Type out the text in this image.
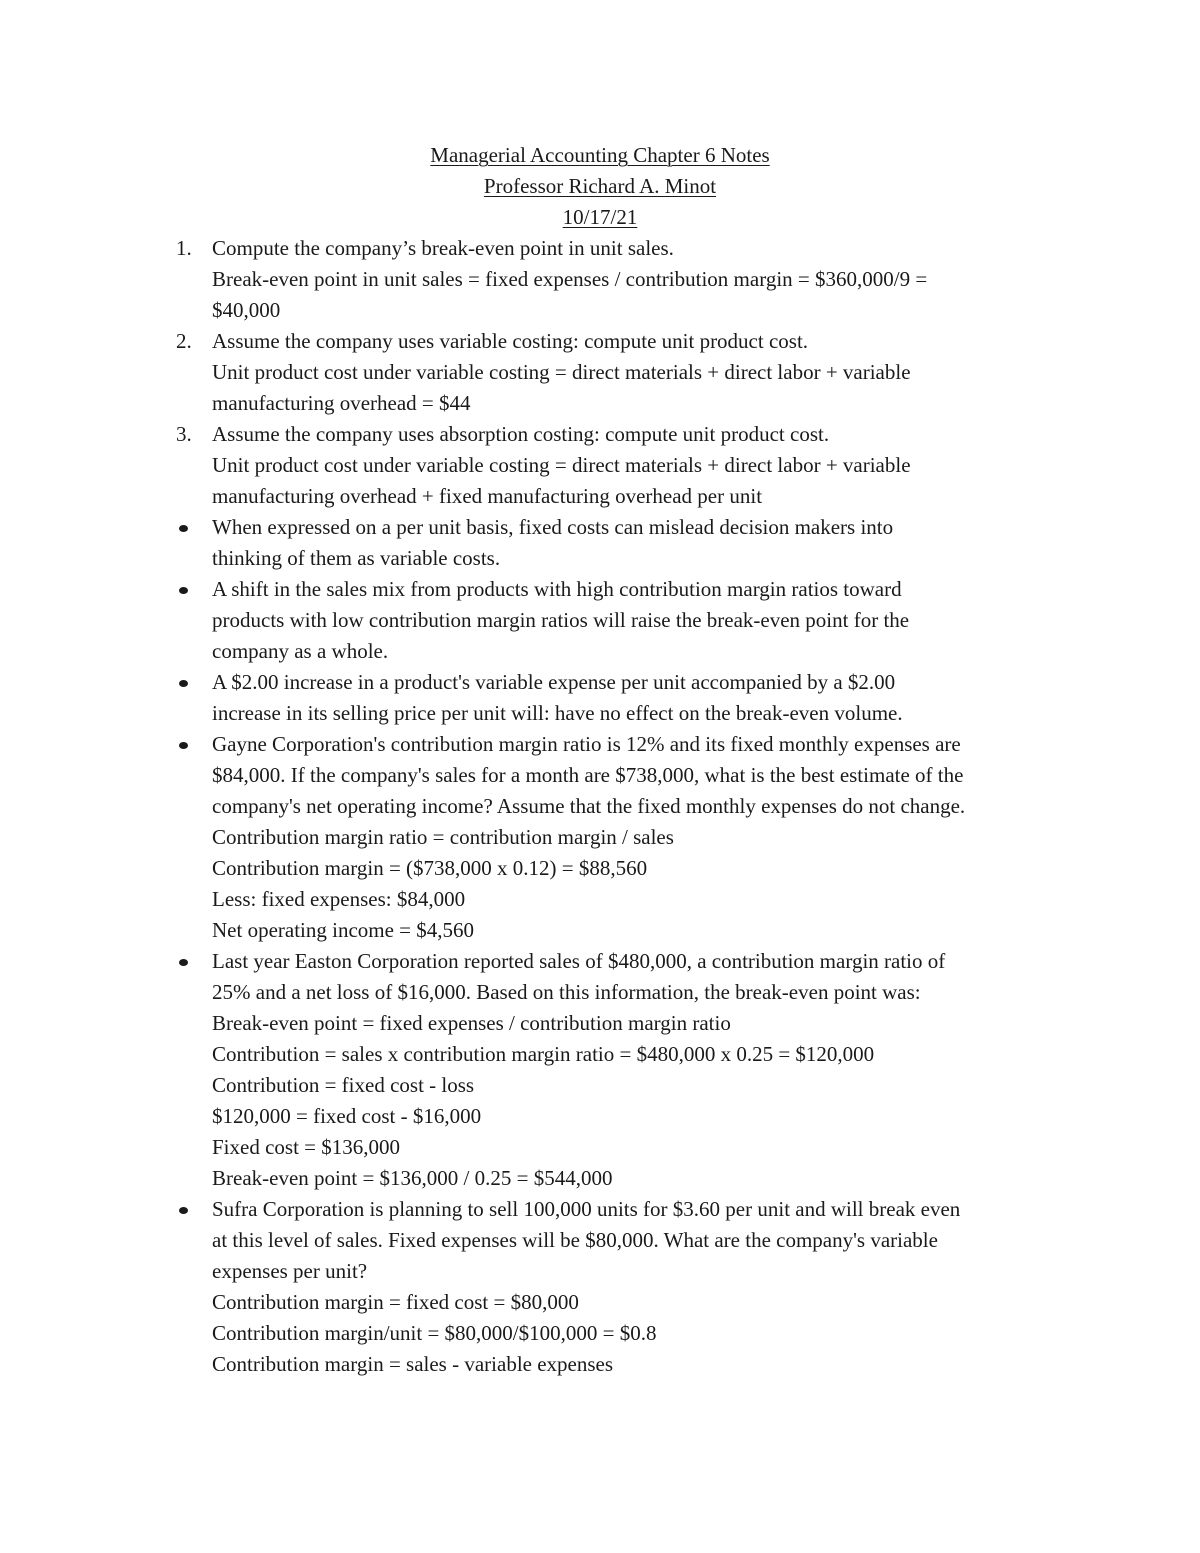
Managerial Accounting Chapter 6 Notes
Professor Richard A. Minot
10/17/21
1. Compute the company’s break-even point in unit sales.
Break-even point in unit sales = fixed expenses / contribution margin = $360,000/9 =
$40,000
2. Assume the company uses variable costing: compute unit product cost.
Unit product cost under variable costing = direct materials + direct labor + variable
manufacturing overhead = $44
3. Assume the company uses absorption costing: compute unit product cost.
Unit product cost under variable costing = direct materials + direct labor + variable
manufacturing overhead + fixed manufacturing overhead per unit
When expressed on a per unit basis, fixed costs can mislead decision makers into
thinking of them as variable costs.
A shift in the sales mix from products with high contribution margin ratios toward
products with low contribution margin ratios will raise the break-even point for the
company as a whole.
A $2.00 increase in a product's variable expense per unit accompanied by a $2.00
increase in its selling price per unit will: have no effect on the break-even volume.
Gayne Corporation's contribution margin ratio is 12% and its fixed monthly expenses are
$84,000. If the company's sales for a month are $738,000, what is the best estimate of the
company's net operating income? Assume that the fixed monthly expenses do not change.
Contribution margin ratio = contribution margin / sales
Contribution margin = ($738,000 x 0.12) = $88,560
Less: fixed expenses: $84,000
Net operating income = $4,560
Last year Easton Corporation reported sales of $480,000, a contribution margin ratio of
25% and a net loss of $16,000. Based on this information, the break-even point was:
Break-even point = fixed expenses / contribution margin ratio
Contribution = sales x contribution margin ratio = $480,000 x 0.25 = $120,000
Contribution = fixed cost - loss
$120,000 = fixed cost - $16,000
Fixed cost = $136,000
Break-even point = $136,000 / 0.25 = $544,000
Sufra Corporation is planning to sell 100,000 units for $3.60 per unit and will break even
at this level of sales. Fixed expenses will be $80,000. What are the company's variable
expenses per unit?
Contribution margin = fixed cost = $80,000
Contribution margin/unit = $80,000/$100,000 = $0.8
Contribution margin = sales - variable expenses
